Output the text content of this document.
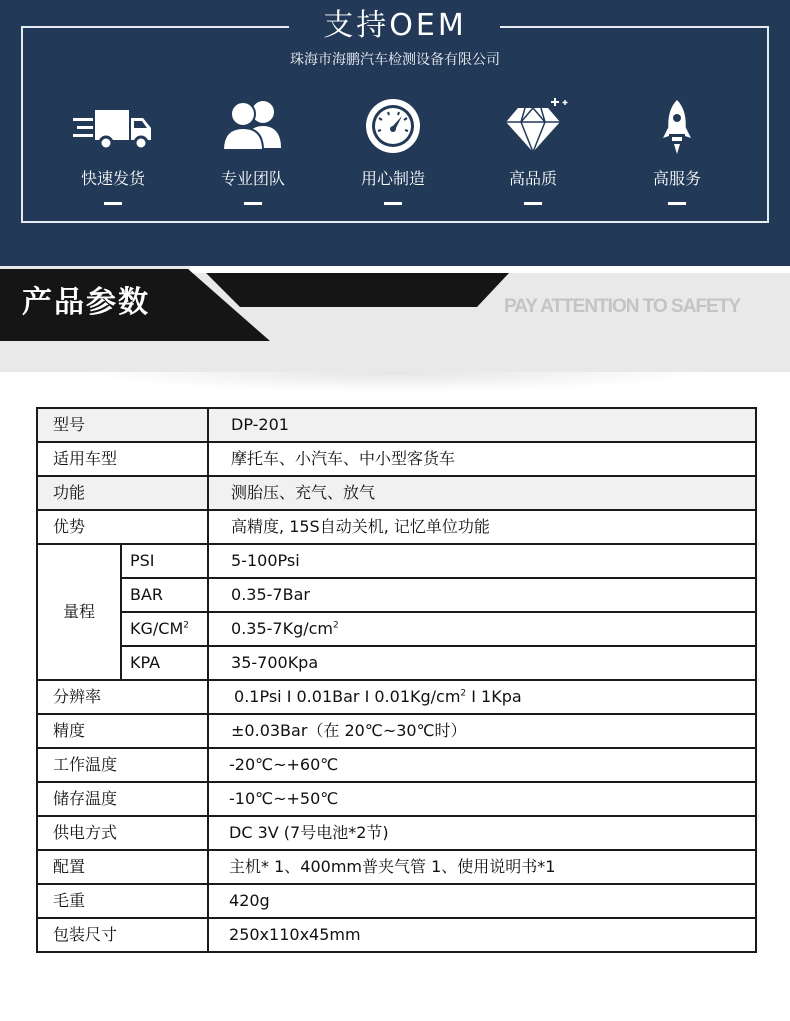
支持OEM
珠海市海鹏汽车检测设备有限公司
快速发货	专业团队	用心制造	高品质	高服务
产品参数	PAY ATTENTION TO SAFETY
型号		DP-201
适用车型		摩托车、小汽车、中小型客货车
功能		测胎压、充气、放气
优势		高精度, 15S自动关机, 记忆单位功能
量程	PSI	5-100Psi
	BAR	0.35-7Bar
	$KG/CM^2$	$0.35-7Kg/cm^2$
	KPA	35-700Kpa
分辨率		0.1Psi I 0.01Bar I $0.01Kg/cm^2$ I 1Kpa
精度		±0.03Bar（在 20℃~30℃时）
工作温度		-20℃~+60℃
储存温度		-10℃~+50℃
供电方式		DC 3V (7号电池*2节)
配置		主机* 1、400mm普夹气管 1、使用说明书*1
毛重		420g
包装尺寸		250x110x45mm
